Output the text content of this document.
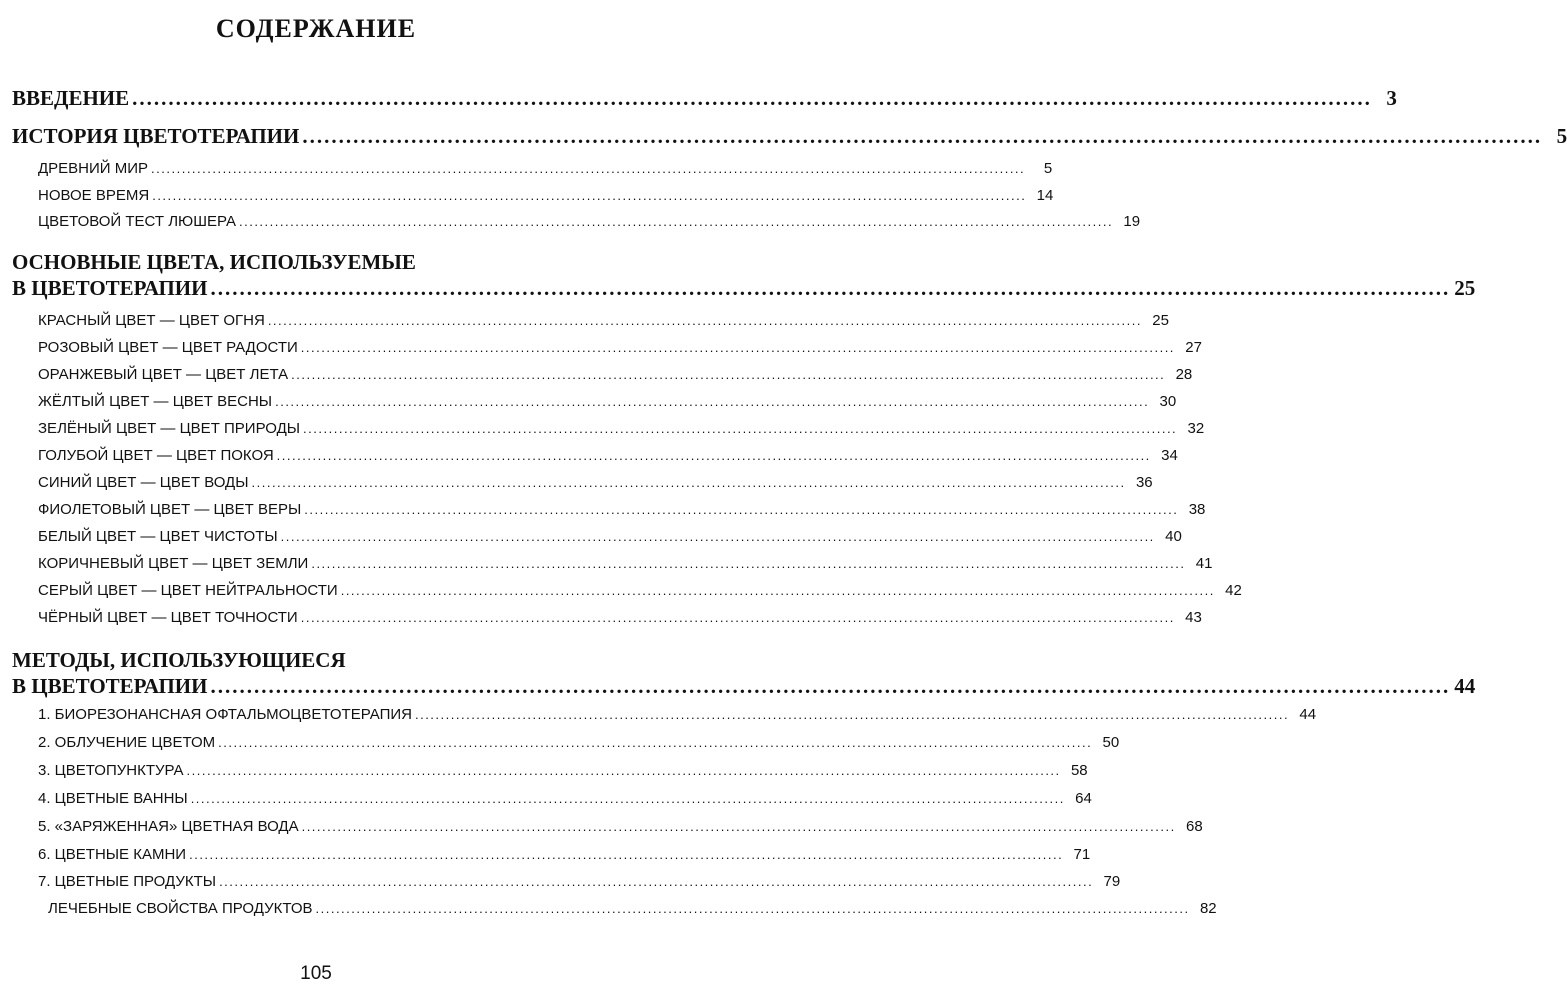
СОДЕРЖАНИЕ
ВВЕДЕНИЕ ........................................................................................................................................................................... 3
ИСТОРИЯ ЦВЕТОТЕРАПИИ ........................................................................................................................................................................... 5
ДРЕВНИЙ МИР ...........................................................................................................................................................................	5
НОВОЕ ВРЕМЯ ........................................................................................................................................................................... 14
ЦВЕТОВОЙ ТЕСТ ЛЮШЕРА ........................................................................................................................................................................... 19
ОСНОВНЫЕ ЦВЕТА, ИСПОЛЬЗУЕМЫЕ
В ЦВЕТОТЕРАПИИ ........................................................................................................................................................................... 25
КРАСНЫЙ ЦВЕТ — ЦВЕТ ОГНЯ ........................................................................................................................................................................... 25
РОЗОВЫЙ ЦВЕТ — ЦВЕТ РАДОСТИ ........................................................................................................................................................................... 27
ОРАНЖЕВЫЙ ЦВЕТ — ЦВЕТ ЛЕТА ........................................................................................................................................................................... 28
ЖЁЛТЫЙ ЦВЕТ — ЦВЕТ ВЕСНЫ ........................................................................................................................................................................... 30
ЗЕЛЁНЫЙ ЦВЕТ — ЦВЕТ ПРИРОДЫ ........................................................................................................................................................................... 32
ГОЛУБОЙ ЦВЕТ — ЦВЕТ ПОКОЯ ........................................................................................................................................................................... 34
СИНИЙ ЦВЕТ — ЦВЕТ ВОДЫ ........................................................................................................................................................................... 36
ФИОЛЕТОВЫЙ ЦВЕТ — ЦВЕТ ВЕРЫ ........................................................................................................................................................................... 38
БЕЛЫЙ ЦВЕТ — ЦВЕТ ЧИСТОТЫ ........................................................................................................................................................................... 40
КОРИЧНЕВЫЙ ЦВЕТ — ЦВЕТ ЗЕМЛИ ........................................................................................................................................................................... 41
СЕРЫЙ ЦВЕТ — ЦВЕТ НЕЙТРАЛЬНОСТИ ........................................................................................................................................................................... 42
ЧЁРНЫЙ ЦВЕТ — ЦВЕТ ТОЧНОСТИ ........................................................................................................................................................................... 43
МЕТОДЫ, ИСПОЛЬЗУЮЩИЕСЯ
В ЦВЕТОТЕРАПИИ ........................................................................................................................................................................... 44
1. БИОРЕЗОНАНСНАЯ ОФТАЛЬМОЦВЕТОТЕРАПИЯ ........................................................................................................................................................................... 44
2. ОБЛУЧЕНИЕ ЦВЕТОМ ........................................................................................................................................................................... 50
3. ЦВЕТОПУНКТУРА ........................................................................................................................................................................... 58
4. ЦВЕТНЫЕ ВАННЫ ........................................................................................................................................................................... 64
5. «ЗАРЯЖЕННАЯ» ЦВЕТНАЯ ВОДА ........................................................................................................................................................................... 68
6. ЦВЕТНЫЕ КАМНИ ........................................................................................................................................................................... 71
7. ЦВЕТНЫЕ ПРОДУКТЫ ........................................................................................................................................................................... 79
ЛЕЧЕБНЫЕ СВОЙСТВА ПРОДУКТОВ ........................................................................................................................................................................... 82
105
